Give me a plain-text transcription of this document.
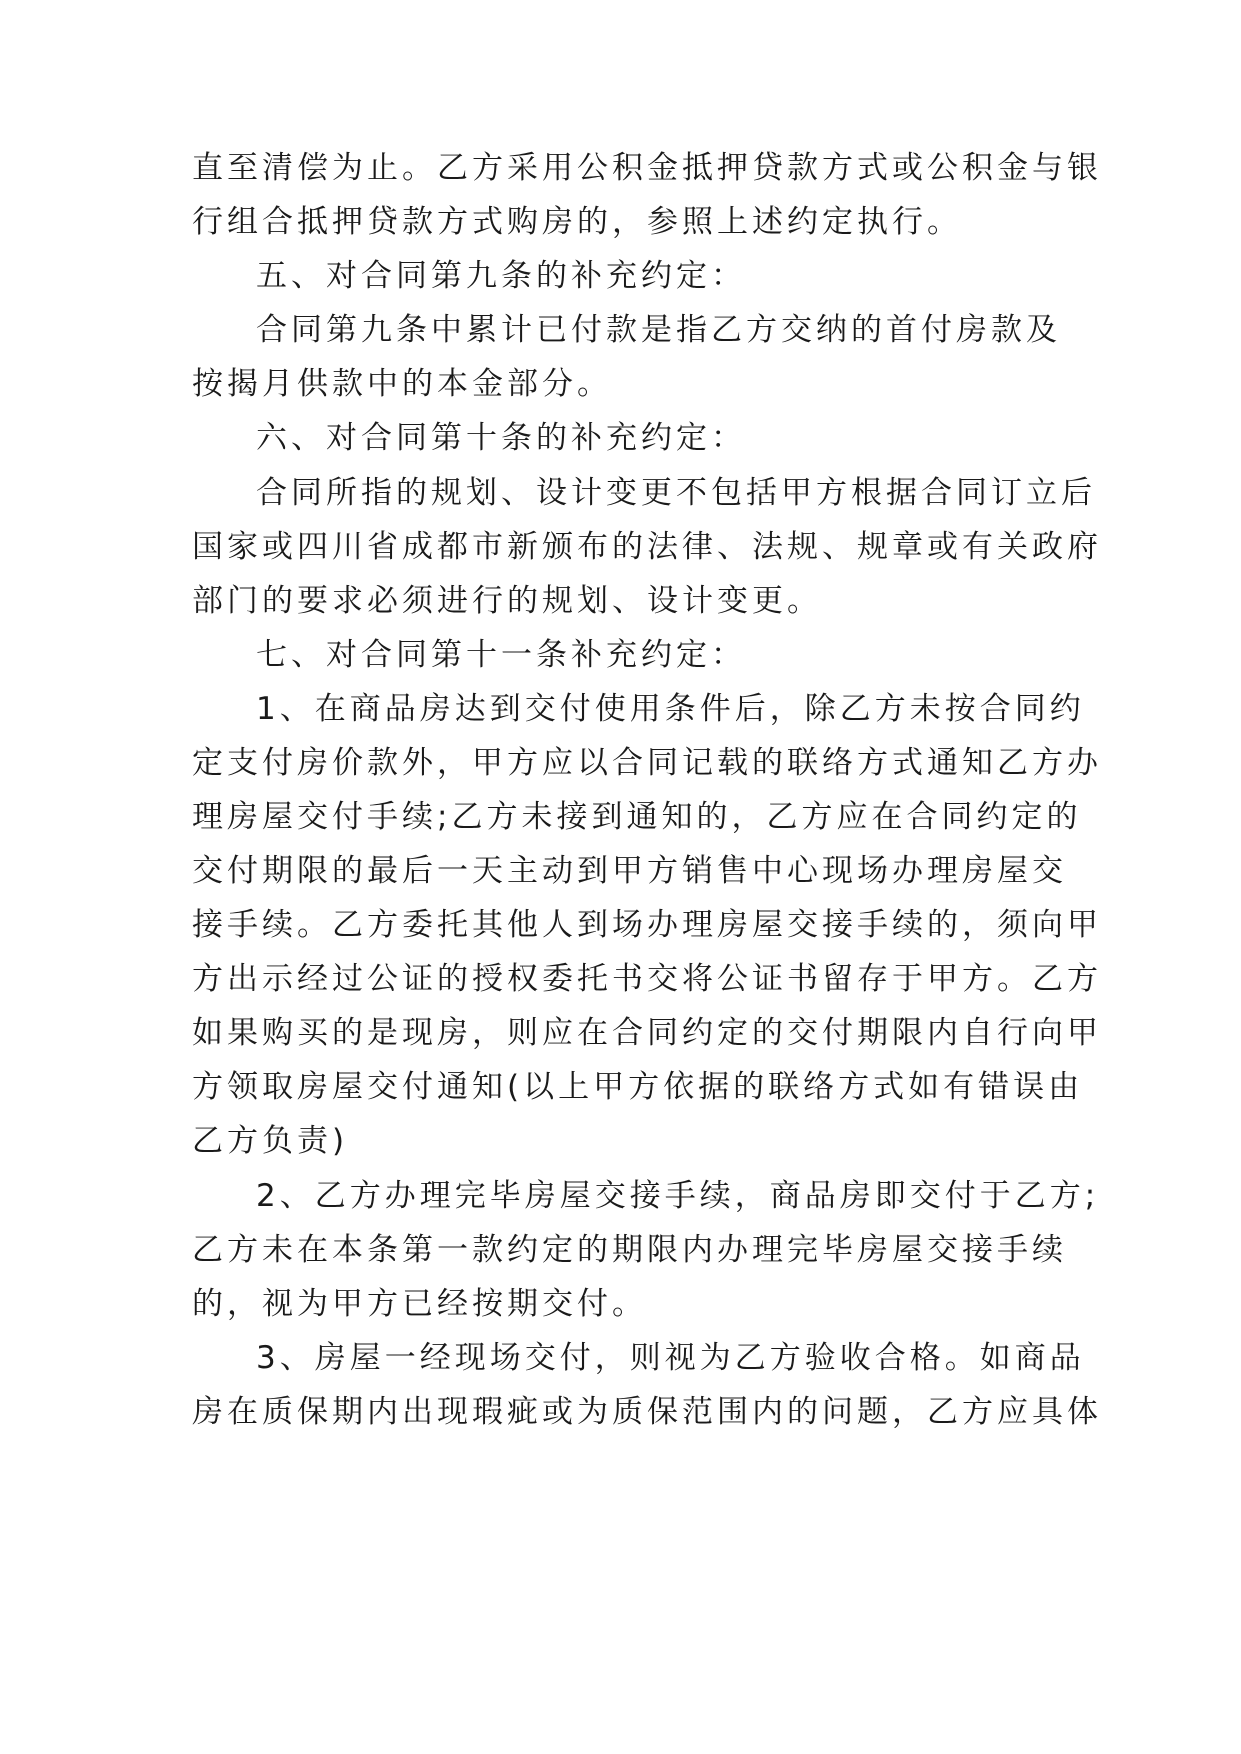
直至清偿为止。乙方采用公积金抵押贷款方式或公积金与银
行组合抵押贷款方式购房的，参照上述约定执行。
五、对合同第九条的补充约定：
合同第九条中累计已付款是指乙方交纳的首付房款及
按揭月供款中的本金部分。
六、对合同第十条的补充约定：
合同所指的规划、设计变更不包括甲方根据合同订立后
国家或四川省成都市新颁布的法律、法规、规章或有关政府
部门的要求必须进行的规划、设计变更。
七、对合同第十一条补充约定：
1、在商品房达到交付使用条件后，除乙方未按合同约
定支付房价款外，甲方应以合同记载的联络方式通知乙方办
理房屋交付手续;乙方未接到通知的，乙方应在合同约定的
交付期限的最后一天主动到甲方销售中心现场办理房屋交
接手续。乙方委托其他人到场办理房屋交接手续的，须向甲
方出示经过公证的授权委托书交将公证书留存于甲方。乙方
如果购买的是现房，则应在合同约定的交付期限内自行向甲
方领取房屋交付通知(以上甲方依据的联络方式如有错误由
乙方负责)
2、乙方办理完毕房屋交接手续，商品房即交付于乙方;
乙方未在本条第一款约定的期限内办理完毕房屋交接手续
的，视为甲方已经按期交付。
3、房屋一经现场交付，则视为乙方验收合格。如商品
房在质保期内出现瑕疵或为质保范围内的问题，乙方应具体
